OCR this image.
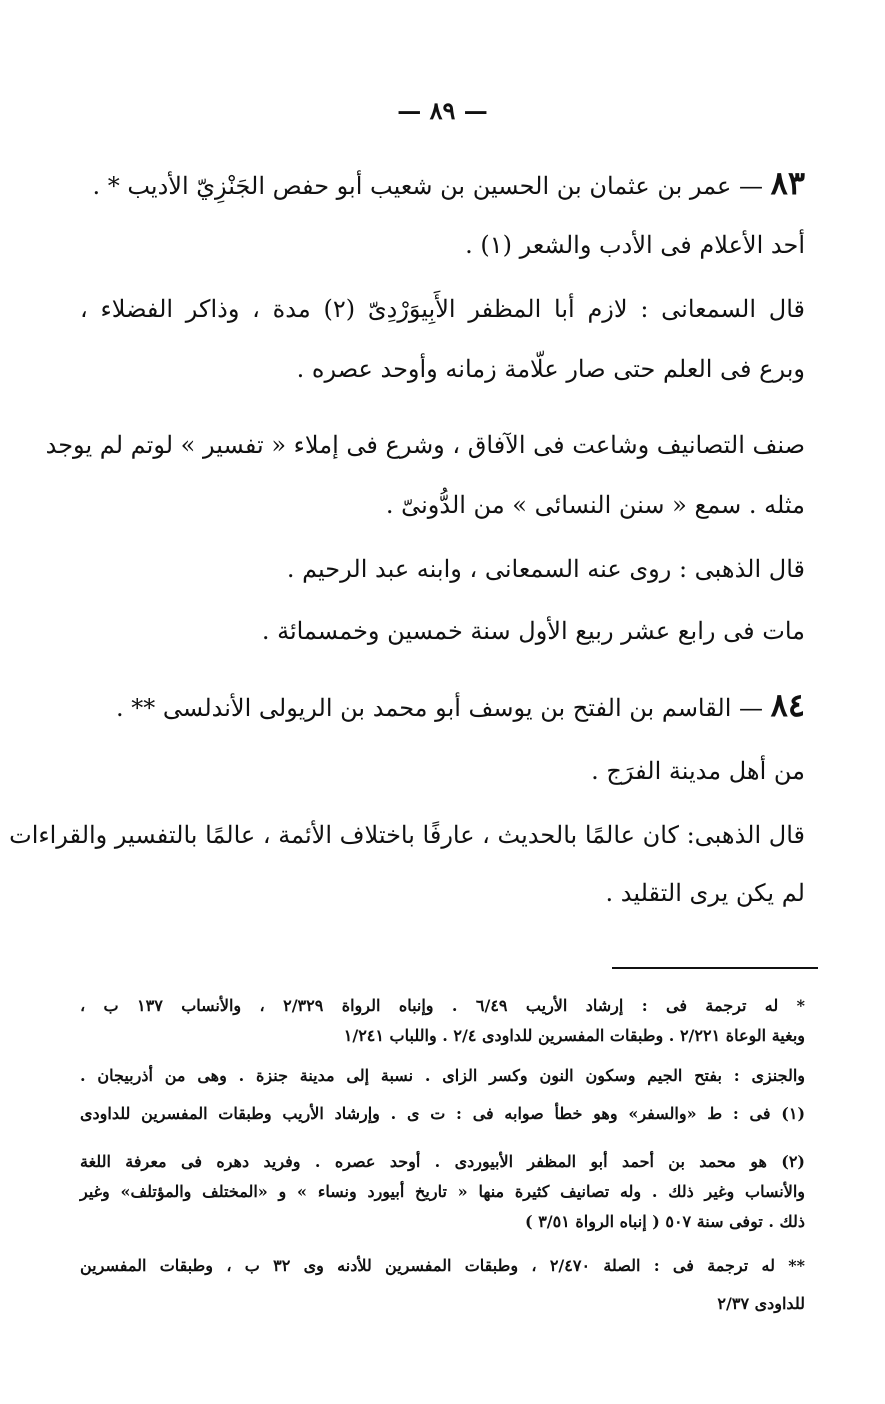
— ٨٩ —
٨٣ — عمر بن عثمان بن الحسين بن شعيب أبو حفص الجَنْزِيّ الأديب * .
أحد الأعلام فى الأدب والشعر (١) .
قال السمعانى : لازم أبا المظفر الأَبِيوَرْدِىّ (٢) مدة ، وذاكر الفضلاء ،
وبرع فى العلم حتى صار علّامة زمانه وأوحد عصره .
صنف التصانيف وشاعت فى الآفاق ، وشرع فى إملاء « تفسير » لوتم لم يوجد
مثله . سمع « سنن النسائى » من الدُّونىّ .
قال الذهبى : روى عنه السمعانى ، وابنه عبد الرحيم .
مات فى رابع عشر ربيع الأول سنة خمسين وخمسمائة .
٨٤ — القاسم بن الفتح بن يوسف أبو محمد بن الريولى الأندلسى ** .
من أهل مدينة الفرَج .
قال الذهبى: كان عالمًا بالحديث ، عارفًا باختلاف الأئمة ، عالمًا بالتفسير والقراءات
لم يكن يرى التقليد .
* له ترجمة فى : إرشاد الأريب ٦/٤٩ . وإنباه الرواة ٢/٣٢٩ ، والأنساب ١٣٧ ب ،
وبغية الوعاة ٢/٢٢١ . وطبقات المفسرين للداودى ٢/٤ . واللباب ١/٢٤١
والجنزى : بفتح الجيم وسكون النون وكسر الزاى . نسبة إلى مدينة جنزة . وهى من أذربيجان .
(١) فى : ط «والسفر» وهو خطأ صوابه فى : ت ى . وإرشاد الأريب وطبقات المفسرين للداودى
(٢) هو محمد بن أحمد أبو المظفر الأبيوردى . أوحد عصره . وفريد دهره فى معرفة اللغة
والأنساب وغير ذلك . وله تصانيف كثيرة منها « تاريخ أبيورد ونساء » و «المختلف والمؤتلف» وغير
ذلك . توفى سنة ٥٠٧ ( إنباه الرواة ٣/٥١ )
** له ترجمة فى : الصلة ٢/٤٧٠ ، وطبقات المفسرين للأدنه وى ٣٢ ب ، وطبقات المفسرين
للداودى ٢/٣٧
